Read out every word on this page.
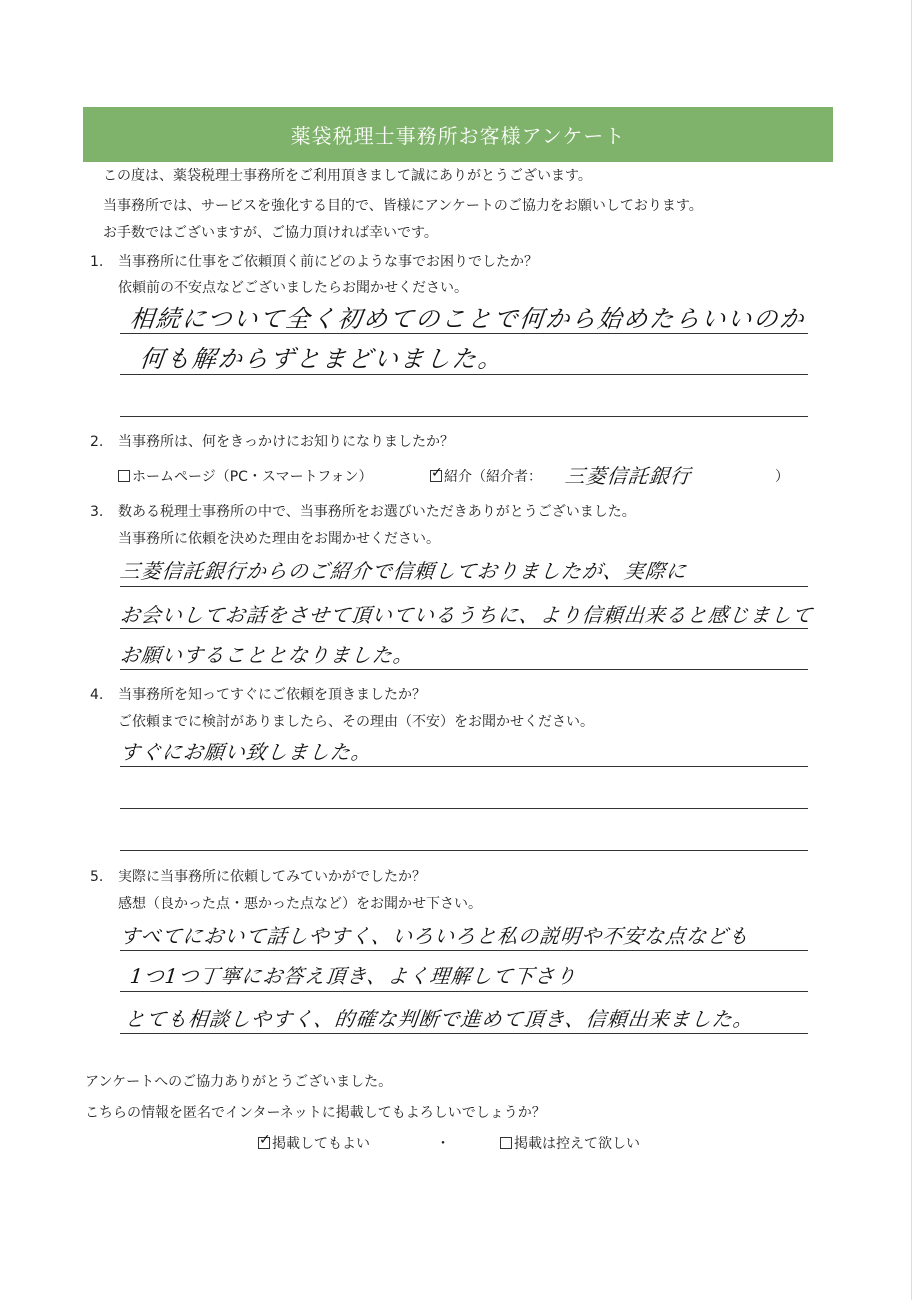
薬袋税理士事務所お客様アンケート
この度は、薬袋税理士事務所をご利用頂きまして誠にありがとうございます。
当事務所では、サービスを強化する目的で、皆様にアンケートのご協力をお願いしております。
お手数ではございますが、ご協力頂ければ幸いです。
1. 当事務所に仕事をご依頼頂く前にどのような事でお困りでしたか？
依頼前の不安点などございましたらお聞かせください。
相続について全く初めてのことで何から始めたらいいのか
何も解からずとまどいました。
2. 当事務所は、何をきっかけにお知りになりましたか？
ホームページ（PC・スマートフォン）
✓	紹介（紹介者： 三菱信託銀行	）
3. 数ある税理士事務所の中で、当事務所をお選びいただきありがとうございました。
当事務所に依頼を決めた理由をお聞かせください。
三菱信託銀行からのご紹介で信頼しておりましたが、実際に
お会いしてお話をさせて頂いているうちに、より信頼出来ると感じまして
お願いすることとなりました。
4. 当事務所を知ってすぐにご依頼を頂きましたか？
ご依頼までに検討がありましたら、その理由（不安）をお聞かせください。
すぐにお願い致しました。
5. 実際に当事務所に依頼してみていかがでしたか？
感想（良かった点・悪かった点など）をお聞かせ下さい。
すべてにおいて話しやすく、いろいろと私の説明や不安な点なども
1つ1つ丁寧にお答え頂き、よく理解して下さり
とても相談しやすく、的確な判断で進めて頂き、信頼出来ました。
アンケートへのご協力ありがとうございました。
こちらの情報を匿名でインターネットに掲載してもよろしいでしょうか？
✓掲載してもよい	・	掲載は控えて欲しい
